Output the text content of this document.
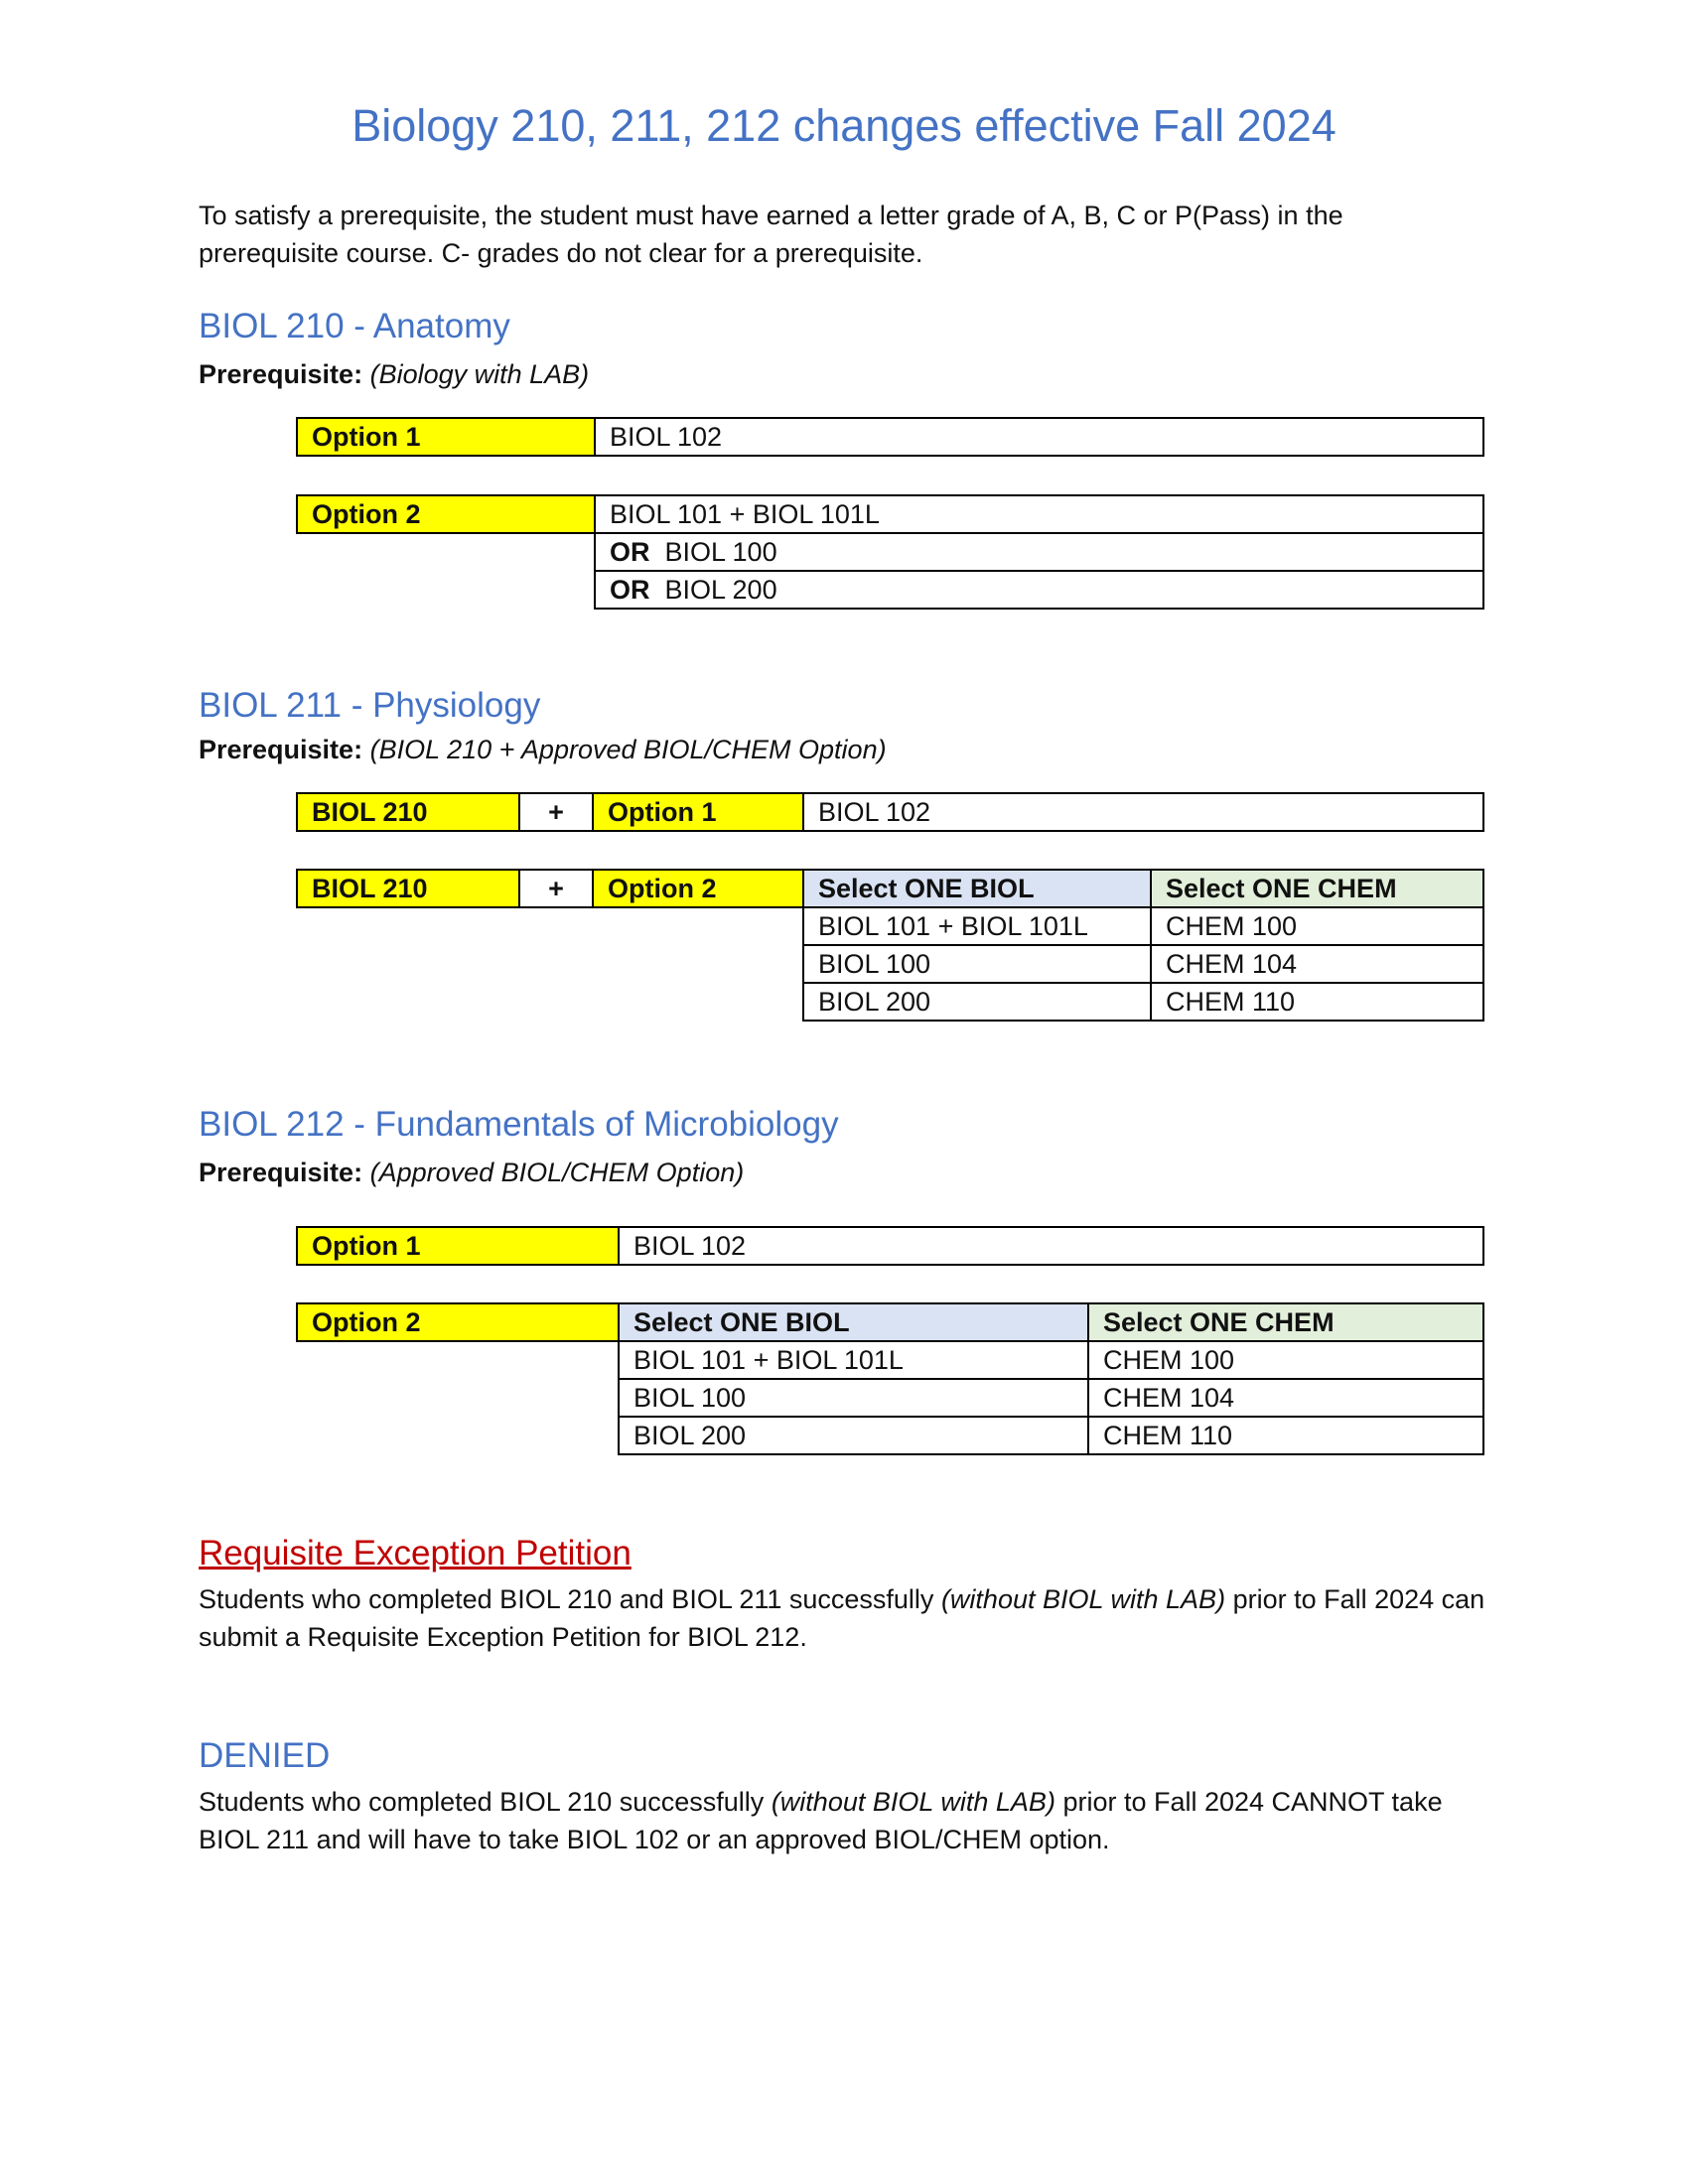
Biology 210, 211, 212 changes effective Fall 2024
To satisfy a prerequisite, the student must have earned a letter grade of A, B, C or P(Pass) in the prerequisite course. C- grades do not clear for a prerequisite.
BIOL 210 - Anatomy
Prerequisite: (Biology with LAB)
Option 1	BIOL 102
Option 2	BIOL 101 + BIOL 101L
OR BIOL 100
OR BIOL 200
BIOL 211 - Physiology
Prerequisite: (BIOL 210 + Approved BIOL/CHEM Option)
BIOL 210	+	Option 1	BIOL 102
BIOL 210	+	Option 2	Select ONE BIOL	Select ONE CHEM
BIOL 101 + BIOL 101L	CHEM 100
BIOL 100	CHEM 104
BIOL 200	CHEM 110
BIOL 212 - Fundamentals of Microbiology
Prerequisite: (Approved BIOL/CHEM Option)
Option 1	BIOL 102
Option 2	Select ONE BIOL	Select ONE CHEM
BIOL 101 + BIOL 101L	CHEM 100
BIOL 100	CHEM 104
BIOL 200	CHEM 110
Requisite Exception Petition
Students who completed BIOL 210 and BIOL 211 successfully (without BIOL with LAB) prior to Fall 2024 can submit a Requisite Exception Petition for BIOL 212.
DENIED
Students who completed BIOL 210 successfully (without BIOL with LAB) prior to Fall 2024 CANNOT take BIOL 211 and will have to take BIOL 102 or an approved BIOL/CHEM option.
